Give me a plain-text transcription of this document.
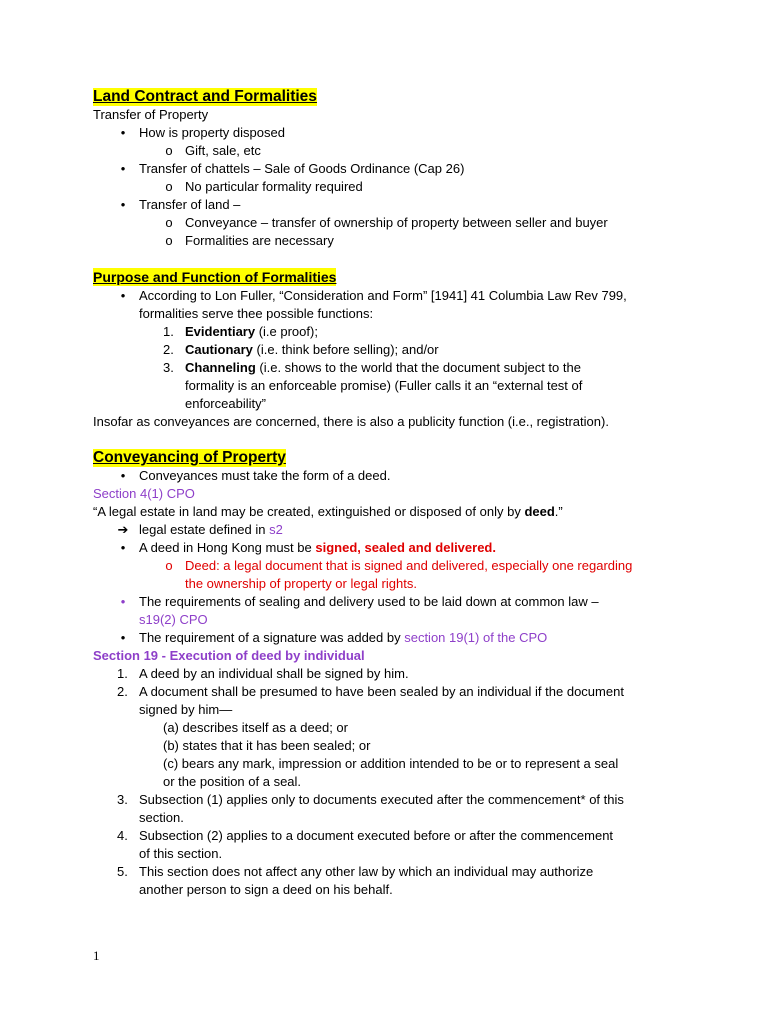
Land Contract and Formalities
Transfer of Property
• How is property disposed
o Gift, sale, etc
• Transfer of chattels – Sale of Goods Ordinance (Cap 26)
o No particular formality required
• Transfer of land –
o Conveyance – transfer of ownership of property between seller and buyer
o Formalities are necessary
Purpose and Function of Formalities
• According to Lon Fuller, “Consideration and Form” [1941] 41 Columbia Law Rev 799,
formalities serve thee possible functions:
1. Evidentiary (i.e proof);
2. Cautionary (i.e. think before selling); and/or
3. Channeling (i.e. shows to the world that the document subject to the
formality is an enforceable promise) (Fuller calls it an “external test of
enforceability”
Insofar as conveyances are concerned, there is also a publicity function (i.e., registration).
Conveyancing of Property
• Conveyances must take the form of a deed.
Section 4(1) CPO
“A legal estate in land may be created, extinguished or disposed of only by deed.”
➔ legal estate defined in s2
• A deed in Hong Kong must be signed, sealed and delivered.
o Deed: a legal document that is signed and delivered, especially one regarding
the ownership of property or legal rights.
• The requirements of sealing and delivery used to be laid down at common law –
s19(2) CPO
• The requirement of a signature was added by section 19(1) of the CPO
Section 19 - Execution of deed by individual
1. A deed by an individual shall be signed by him.
2. A document shall be presumed to have been sealed by an individual if the document
signed by him—
(a) describes itself as a deed; or
(b) states that it has been sealed; or
(c) bears any mark, impression or addition intended to be or to represent a seal
or the position of a seal.
3. Subsection (1) applies only to documents executed after the commencement* of this
section.
4. Subsection (2) applies to a document executed before or after the commencement
of this section.
5. This section does not affect any other law by which an individual may authorize
another person to sign a deed on his behalf.
1
